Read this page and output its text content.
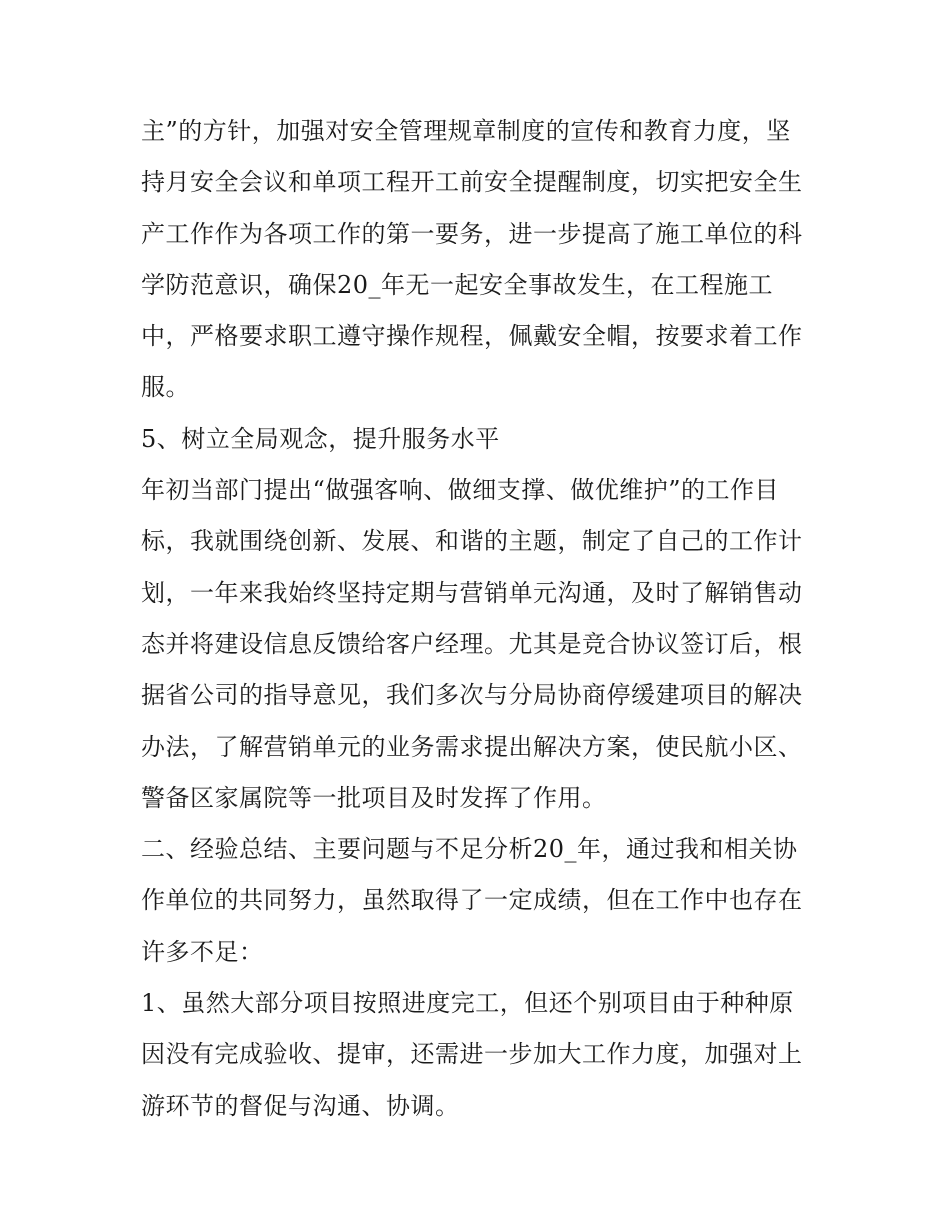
主”的方针，加强对安全管理规章制度的宣传和教育力度，坚
持月安全会议和单项工程开工前安全提醒制度，切实把安全生
产工作作为各项工作的第一要务，进一步提高了施工单位的科
学防范意识，确保20_年无一起安全事故发生，在工程施工
中，严格要求职工遵守操作规程，佩戴安全帽，按要求着工作
服。
5、树立全局观念，提升服务水平
年初当部门提出“做强客响、做细支撑、做优维护”的工作目
标，我就围绕创新、发展、和谐的主题，制定了自己的工作计
划，一年来我始终坚持定期与营销单元沟通，及时了解销售动
态并将建设信息反馈给客户经理。尤其是竞合协议签订后，根
据省公司的指导意见，我们多次与分局协商停缓建项目的解决
办法，了解营销单元的业务需求提出解决方案，使民航小区、
警备区家属院等一批项目及时发挥了作用。
二、经验总结、主要问题与不足分析20_年，通过我和相关协
作单位的共同努力，虽然取得了一定成绩，但在工作中也存在
许多不足：
1、虽然大部分项目按照进度完工，但还个别项目由于种种原
因没有完成验收、提审，还需进一步加大工作力度，加强对上
游环节的督促与沟通、协调。
